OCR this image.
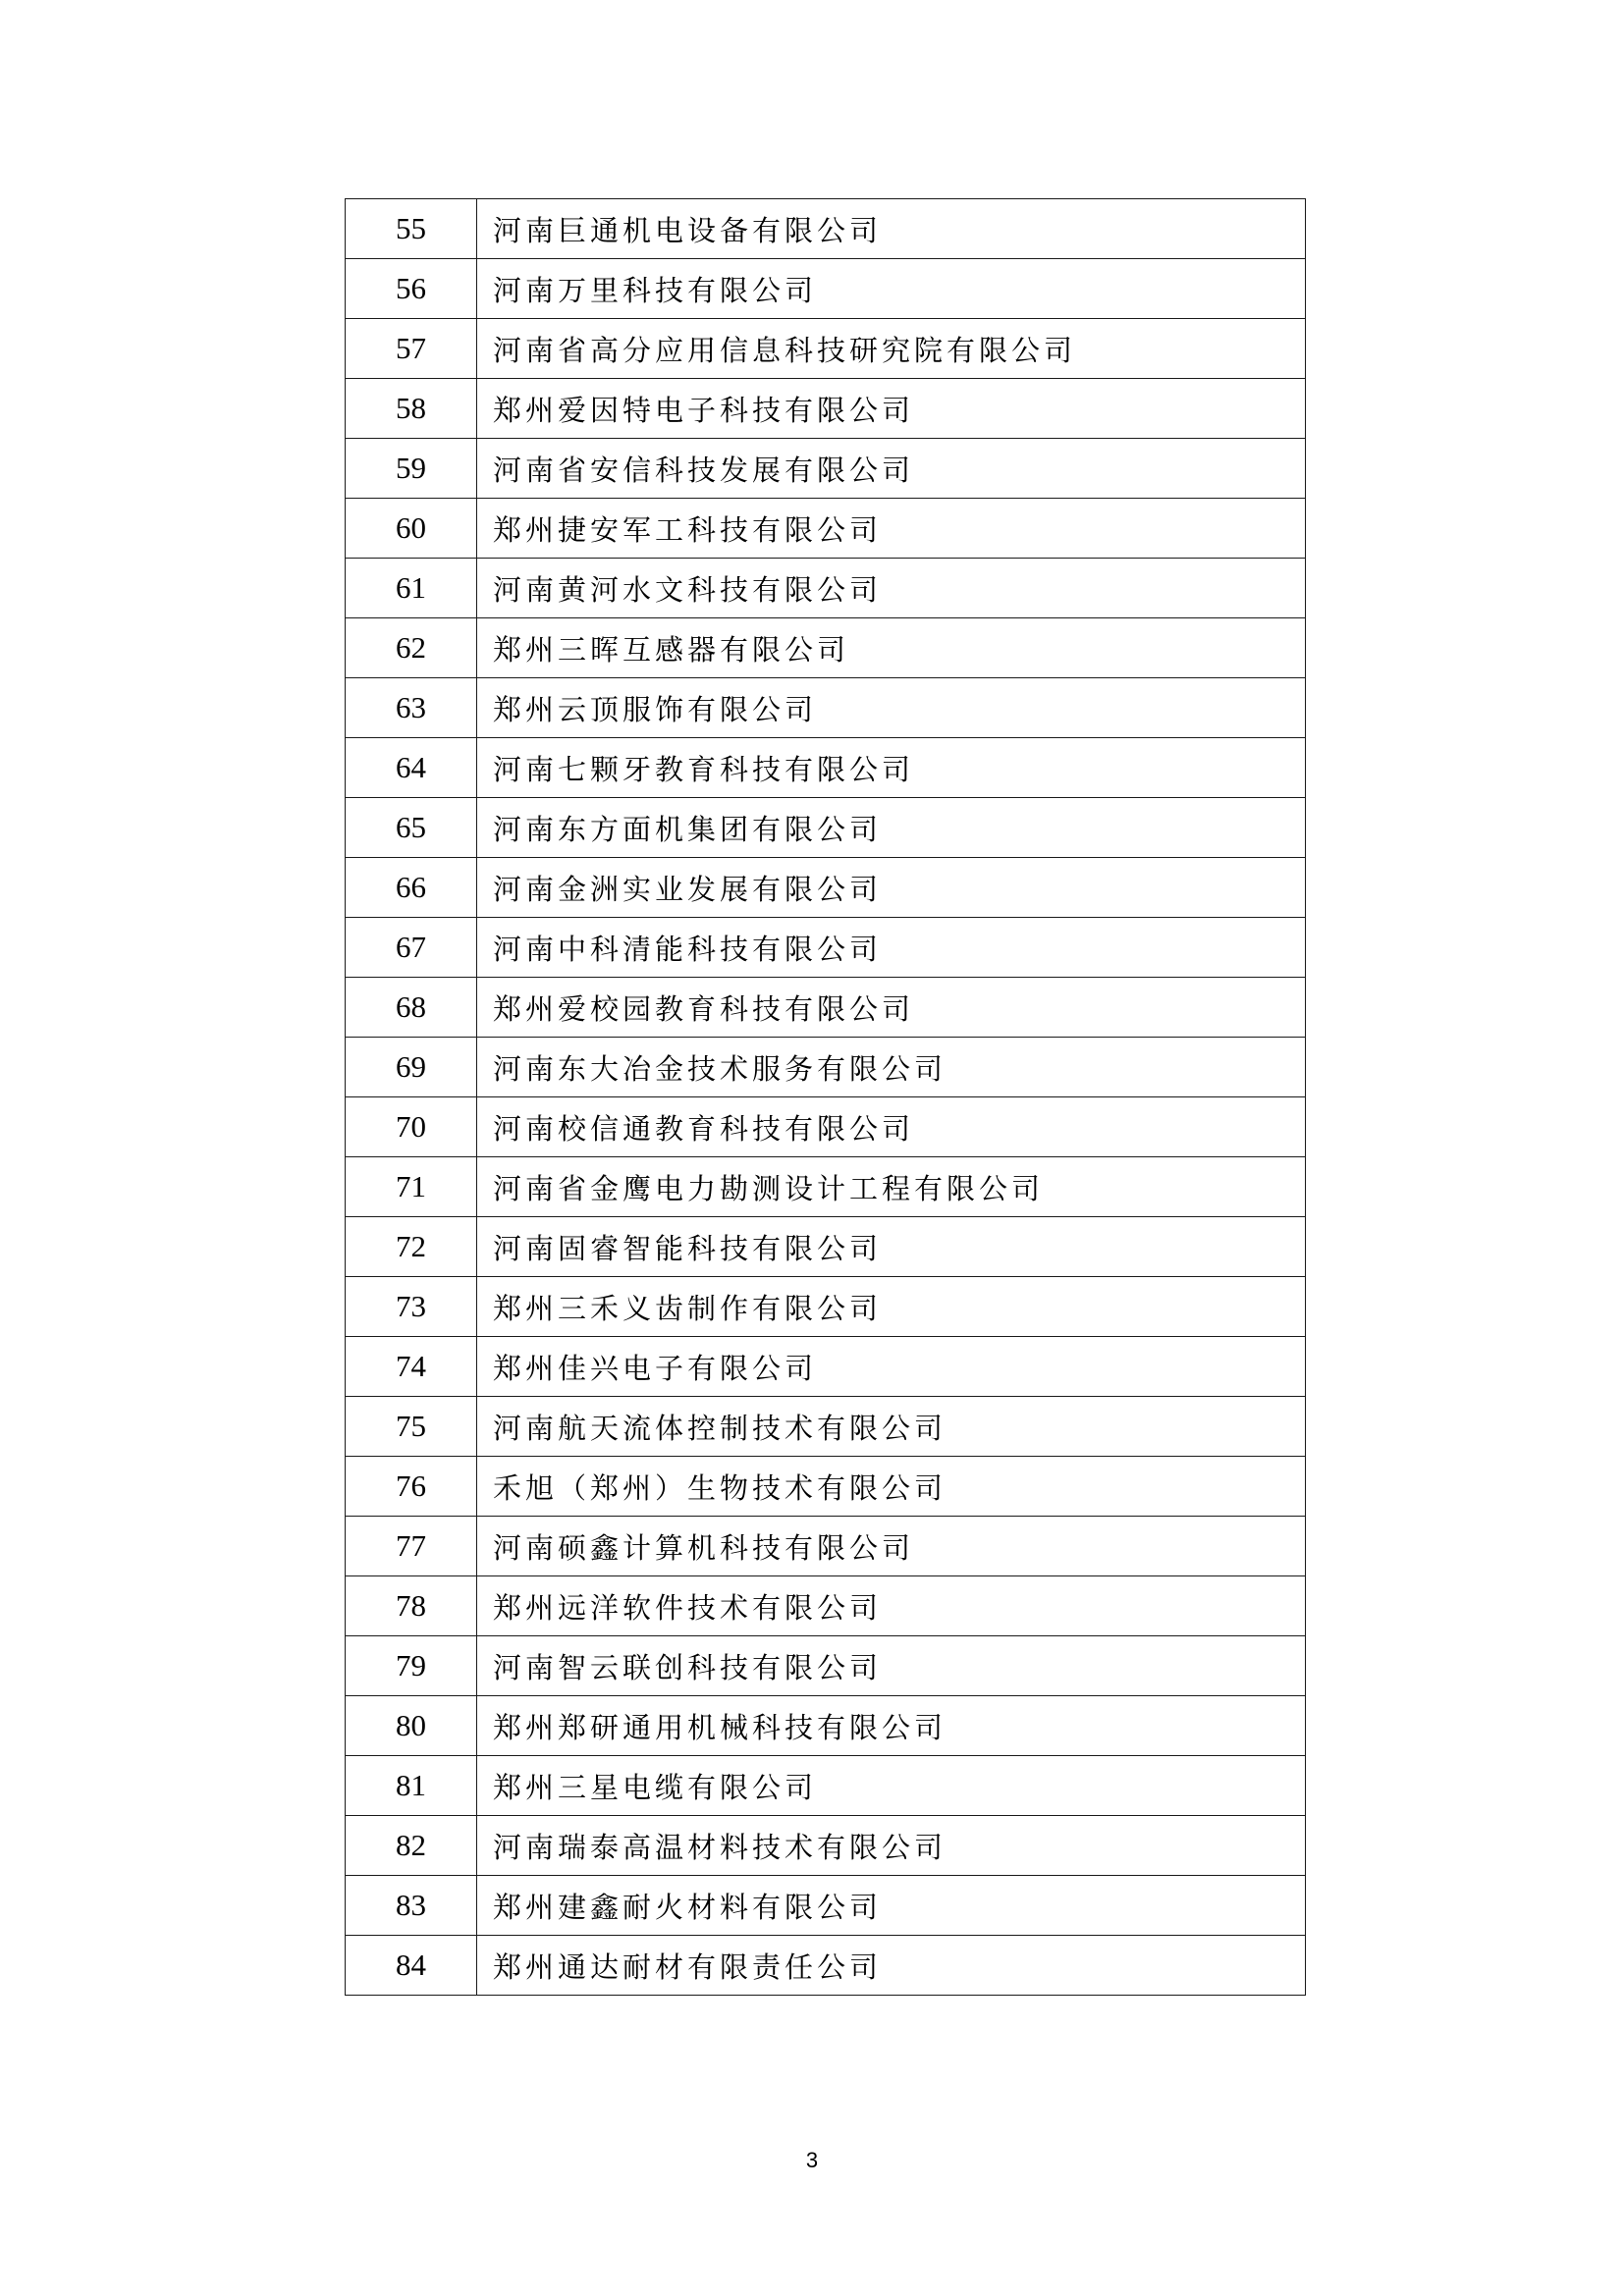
55	河南巨通机电设备有限公司
56	河南万里科技有限公司
57	河南省高分应用信息科技研究院有限公司
58	郑州爱因特电子科技有限公司
59	河南省安信科技发展有限公司
60	郑州捷安军工科技有限公司
61	河南黄河水文科技有限公司
62	郑州三晖互感器有限公司
63	郑州云顶服饰有限公司
64	河南七颗牙教育科技有限公司
65	河南东方面机集团有限公司
66	河南金洲实业发展有限公司
67	河南中科清能科技有限公司
68	郑州爱校园教育科技有限公司
69	河南东大冶金技术服务有限公司
70	河南校信通教育科技有限公司
71	河南省金鹰电力勘测设计工程有限公司
72	河南固睿智能科技有限公司
73	郑州三禾义齿制作有限公司
74	郑州佳兴电子有限公司
75	河南航天流体控制技术有限公司
76	禾旭（郑州）生物技术有限公司
77	河南硕鑫计算机科技有限公司
78	郑州远洋软件技术有限公司
79	河南智云联创科技有限公司
80	郑州郑研通用机械科技有限公司
81	郑州三星电缆有限公司
82	河南瑞泰高温材料技术有限公司
83	郑州建鑫耐火材料有限公司
84	郑州通达耐材有限责任公司
3
